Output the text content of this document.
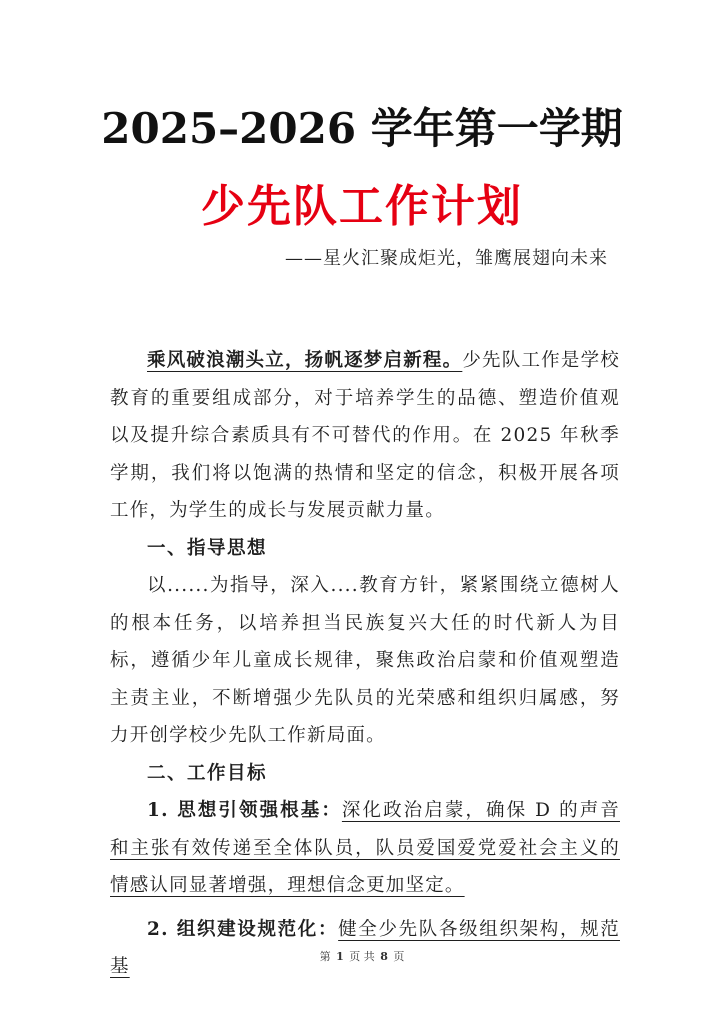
2025–2026 学年第一学期
少先队工作计划
——星火汇聚成炬光，雏鹰展翅向未来

乘风破浪潮头立，扬帆逐梦启新程。少先队工作是学校教育的重要组成部分，对于培养学生的品德、塑造价值观以及提升综合素质具有不可替代的作用。在 2025 年秋季学期，我们将以饱满的热情和坚定的信念，积极开展各项工作，为学生的成长与发展贡献力量。

一、指导思想

以......为指导，深入....教育方针，紧紧围绕立德树人的根本任务，以培养担当民族复兴大任的时代新人为目标，遵循少年儿童成长规律，聚焦政治启蒙和价值观塑造主责主业，不断增强少先队员的光荣感和组织归属感，努力开创学校少先队工作新局面。

二、工作目标

1. 思想引领强根基：深化政治启蒙，确保 D 的声音和主张有效传递至全体队员，队员爱国爱党爱社会主义的情感认同显著增强，理想信念更加坚定。

2. 组织建设规范化：健全少先队各级组织架构，规范基	第 1 页 共 8 页
